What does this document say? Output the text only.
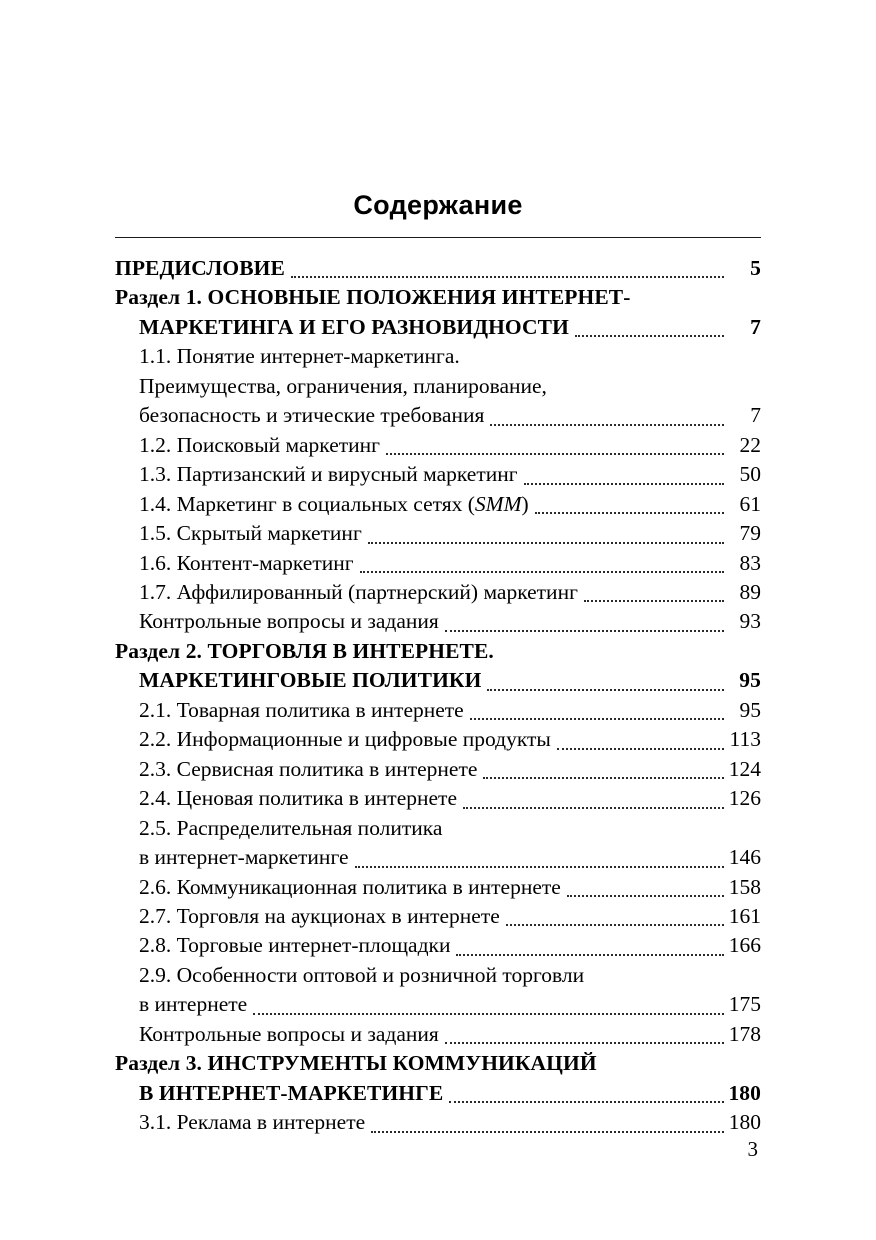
Содержание
ПРЕДИСЛОВИЕ	5
Раздел 1. ОСНОВНЫЕ ПОЛОЖЕНИЯ ИНТЕРНЕТ-
МАРКЕТИНГА И ЕГО РАЗНОВИДНОСТИ	7
1.1. Понятие интернет-маркетинга.
Преимущества, ограничения, планирование,
безопасность и этические требования	7
1.2. Поисковый маркетинг	22
1.3. Партизанский и вирусный маркетинг	50
1.4. Маркетинг в социальных сетях (SMM)	61
1.5. Скрытый маркетинг	79
1.6. Контент-маркетинг	83
1.7. Аффилированный (партнерский) маркетинг	89
Контрольные вопросы и задания	93
Раздел 2. ТОРГОВЛЯ В ИНТЕРНЕТЕ.
МАРКЕТИНГОВЫЕ ПОЛИТИКИ	95
2.1. Товарная политика в интернете	95
2.2. Информационные и цифровые продукты	113
2.3. Сервисная политика в интернете	124
2.4. Ценовая политика в интернете	126
2.5. Распределительная политика
в интернет-маркетинге	146
2.6. Коммуникационная политика в интернете	158
2.7. Торговля на аукционах в интернете	161
2.8. Торговые интернет-площадки	166
2.9. Особенности оптовой и розничной торговли
в интернете	175
Контрольные вопросы и задания	178
Раздел 3. ИНСТРУМЕНТЫ КОММУНИКАЦИЙ
В ИНТЕРНЕТ-МАРКЕТИНГЕ	180
3.1. Реклама в интернете	180
3
